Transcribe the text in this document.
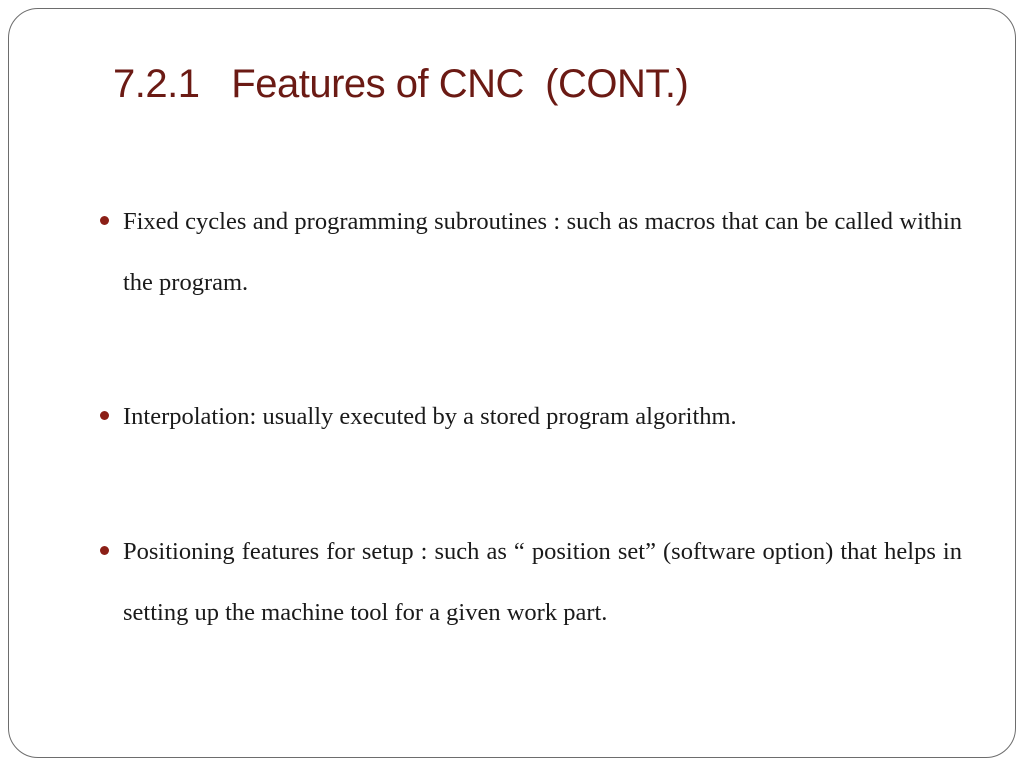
7.2.1   Features of CNC  (CONT.)
Fixed cycles and programming subroutines : such as macros that can be called within the program.
Interpolation: usually executed by a stored program algorithm.
Positioning features for setup : such as “ position set” (software option) that helps in setting up the machine tool for a given work part.
